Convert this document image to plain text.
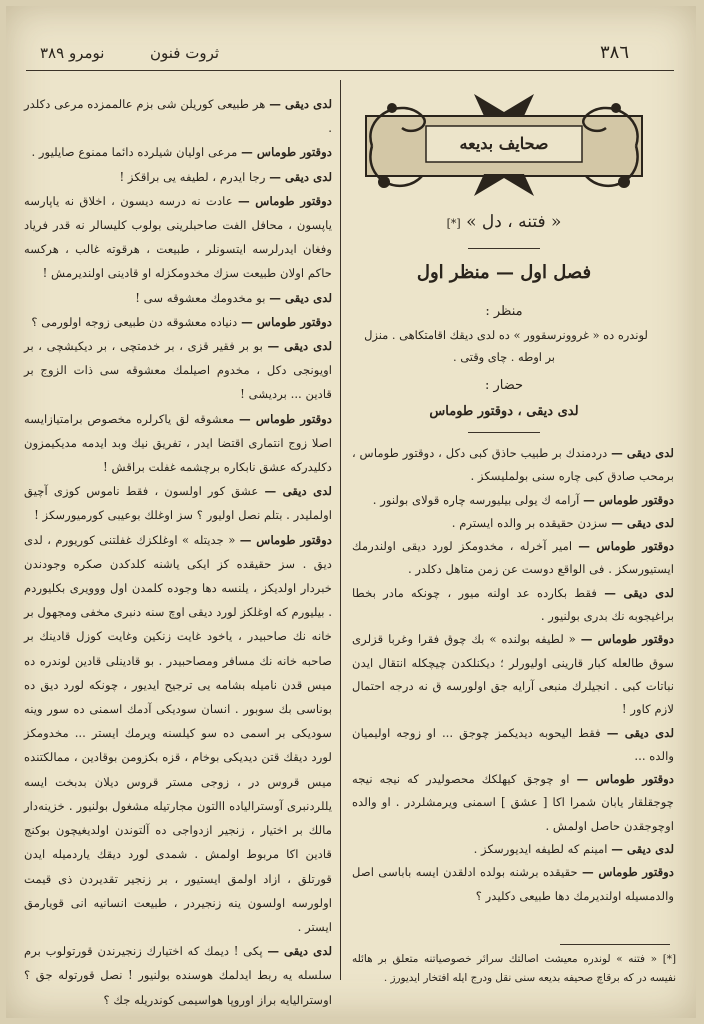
نومرو ٣٨٩	ثروت فنون	٣٨٦
صحایف بدیعه
« فتنه ، دل » [*]
فصل اول — منظر اول
منظر :
لوندره ده « غروونرسقوور » ده لدی دیقك اقامتكاهی . منزل
بر اوطه . چای وقتی .
حضار :
لدی دیقی ، دوقتور طوماس

لدی دیقی — دردمندك بر طبیب حاذق كبی دكل ، دوقتور طوماس ، برمحب صادق كبی چاره سنی بولملیسكز .

دوقتور طوماس — آرامه ك یولی بیلیورسه چاره قولای بولنور .

لدی دیقی — سزدن حقیقده بر والده ایسترم .

دوقتور طوماس — امیر آخرله ، مخدومكز لورد دیقی اولندرمك ایستیورسكز . فی الواقع دوست عن زمن متاهل دكلدر .

لدی دیقی — فقط بكارده عد اولنه میور ، چونكه مادر بخطا براغیجوبه نك بدری بولنیور .

دوقتور طوماس — « لطیفه بولنده » بك چوق فقرا وغربا قزلری سوق طالعله كبار قارینی اولیورلر ؛ دیكنلكدن چیچكله انتقال ایدن نباتات كبی . انجیلرك منبعی آرایه جق اولورسه ق نه درجه احتمال لازم كاور !

لدی دیقی — فقط الیحوبه دیدیكمز چوجق ... او زوجه اولیمیان والده ...

دوقتور طوماس — او چوجق كیهلكك محصولیدر كه نیجه نیجه چوجقلقار یابان شمرا اكا [ عشق ] اسمنی ویرمشلردر . او والده اوچوجقدن حاصل اولمش .

لدی دیقی — امینم كه لطیفه ایدیورسكز .

دوقتور طوماس — حقیقده برشنه بولده ادلقدن ایسه باباسی اصل والدمسیله اولندیرمك دها طبیعی دكلیدر ؟

[*] « فتنه » لوندره معیشت اصالتك سرائر خصوصیاتنه متعلق بر هائله نفیسه در كه برقاچ صحیفه بدیعه سنی نقل ودرج ایله افتخار ایدیورز .

لدی دیقی — هر طبیعی كوریلن شی بزم عالممزده مرعی دكلدر .

دوقتور طوماس — مرعی اولیان شیلرده دائما ممنوع صایلیور .

لدی دیقی — رجا ایدرم ، لطیفه یی براقكز !

دوقتور طوماس — عادت نه درسه دیسون ، اخلاق نه یاپارسه یاپسون ، محافل الفت صاحبلرینی بولوب كلیسالر نه قدر فریاد وفغان ایدرلرسه ایتسونلر ، طبیعت ، هرقوته غالب ، هركسه حاكم اولان طبیعت سزك مخدومكزله او قادینی اولندیرمش !

لدی دیقی — بو مخدومك معشوقه سی !

دوقتور طوماس — دنیاده معشوقه دن طبیعی زوجه اولورمی ؟

لدی دیقی — بو بر فقیر قزی ، بر خدمتچی ، بر دیكیشچی ، بر اویونجی دكل ، مخدوم اصیلمك معشوقه سی ذات الزوج بر قادین ... بردیشی !

دوقتور طوماس — معشوقه لق یاكرلره مخصوص برامتیازایسه اصلا زوج انتماری اقتضا ایدر ، تفریق نیك وبد ایدمه مدیكیمزون دكلیدركه عشق نابكاره برچشمه غفلت براقش !

لدی دیقی — عشق كور اولسون ، فقط ناموس كوزی آچیق اولملیدر . بتلم نصل اولیور ؟ سز اوغلك بوعیبی كورمیورسكز !

دوقتور طوماس — « جدیتله » اوغلكزك غفلتنی كوریورم ، لدی دیق . سز حقیقده كز ایكی یاشنه كلدكدن صكره وجودندن خبردار اولدیكز ، یلنسه دها وجوده كلمدن اول ووویری بكلیوردم . بیلیورم كه اوغلكز لورد دیقی اوچ سنه دنبری مخفی ومجهول بر خانه نك صاحبیدر ، یاخود غایت زنكین وغایت كوزل قادینك بر صاحبه خانه نك مسافر ومصاحبیدر . بو قادینلی قادین لوندره ده میس قدن نامیله بشامه یی ترجیح ایدیور ، چونكه لورد دیق ده بوناسی بك سوبور . انسان سودیكی آدمك اسمنی ده سور وینه سودیكی بر اسمی ده سو كیلسنه ویرمك ایستر ... مخدومكز لورد دیقك قتن دیدیكی بوخام ، قزه بكزومن بوقادین ، ممالكتنده میس قروس در ، زوجی مستر قروس دیلان بدبخت ایسه یللردنبری آوسترالیاده االتون مجارتیله مشغول بولنیور . خزینه‌دار مالك بر اختیار ، زنجیر ازدواجی ده آلتوندن اولدیغیچون بوكنج قادین اكا مربوط اولمش . شمدی لورد دیقك یاردمیله ایدن قورتلق ، ازاد اولمق ایستیور ، بر زنجیر تقدیردن ذی قیمت اولورسه اولسون ینه زنجیردر ، طبیعت انسانیه انی قویارمق ایستر .

لدی دیقی — پكی ! دیمك كه اختیارك زنجیرندن قورتولوب برم سلسله یه ربط ایدلمك هوسنده بولنیور ! نصل قورتوله جق ؟ اوستراليايه براز اوروپا هواسیمی كوندریله جك ؟
